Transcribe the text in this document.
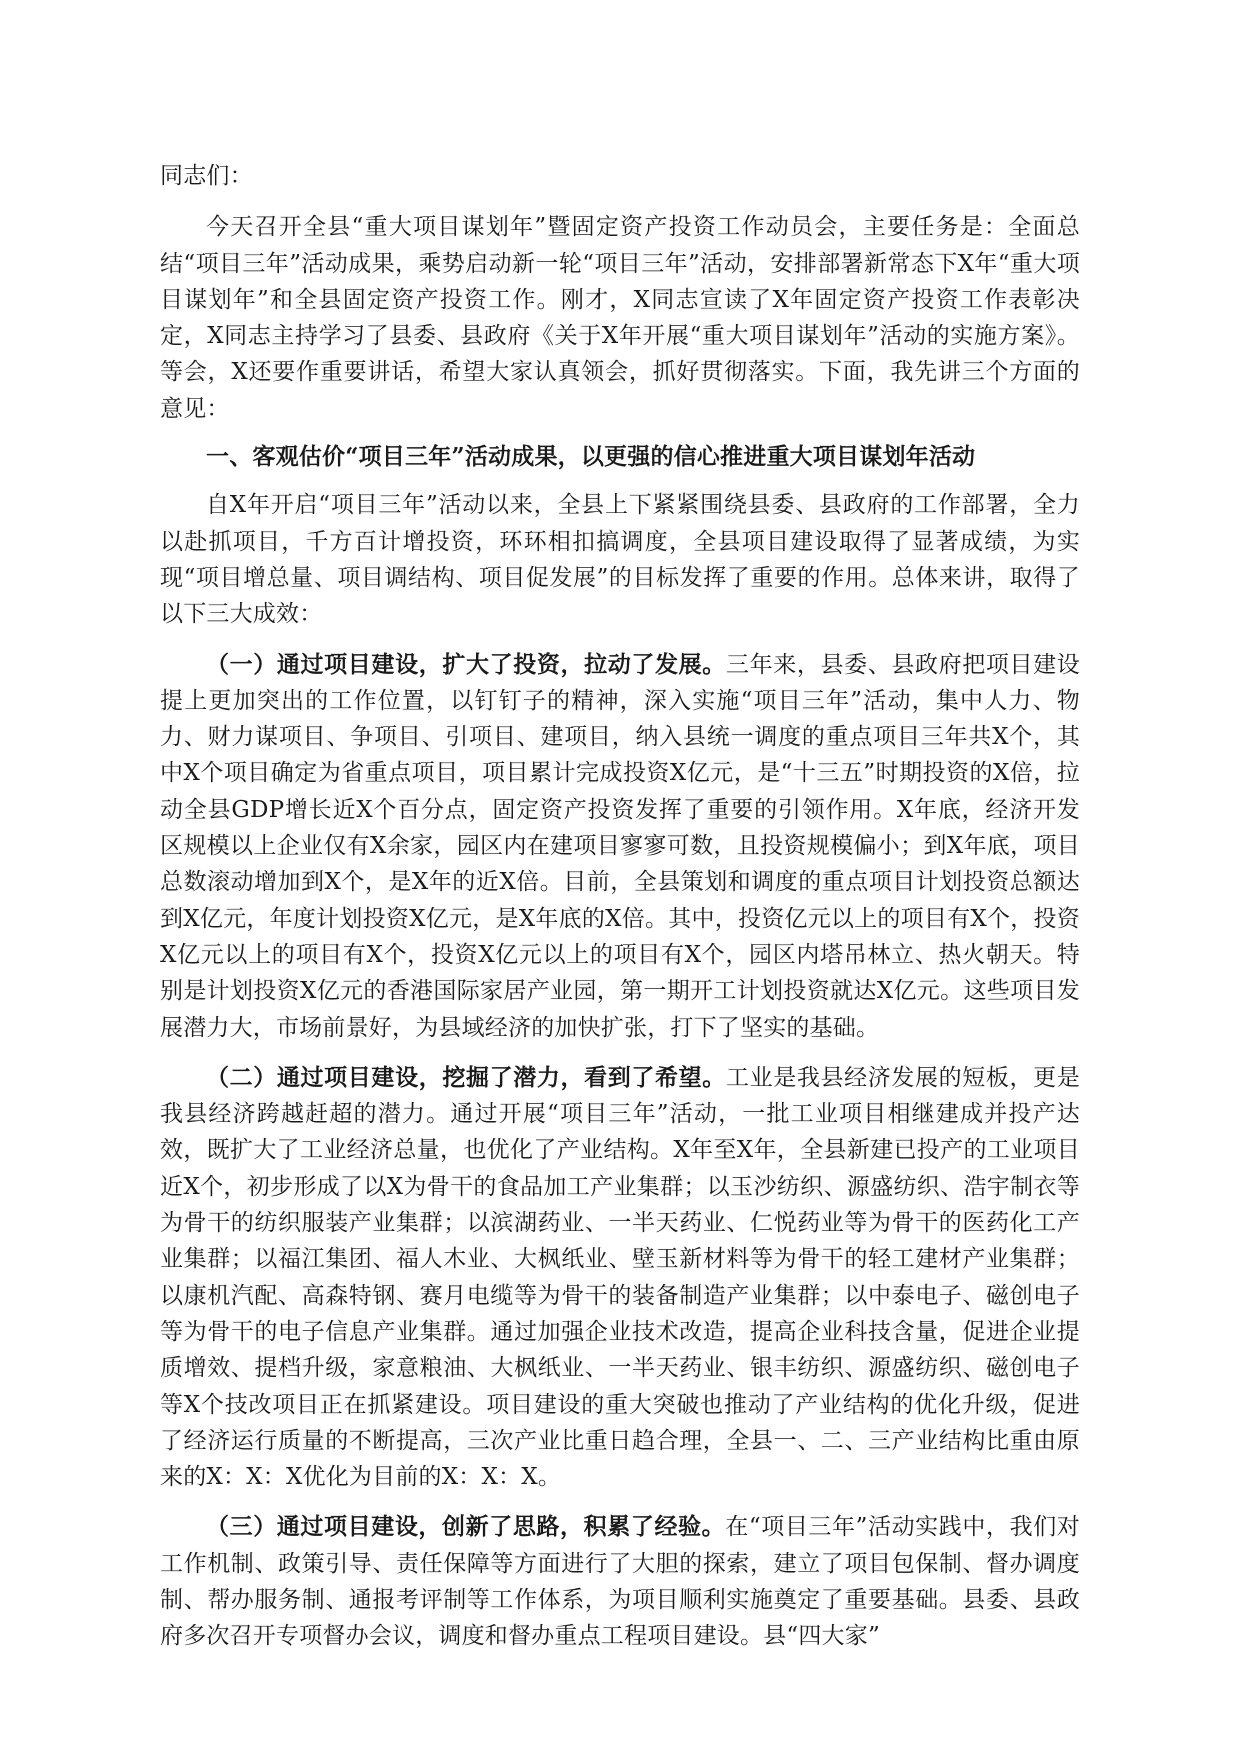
同志们：

今天召开全县“重大项目谋划年”暨固定资产投资工作动员会，主要任务是：全面总结“项目三年”活动成果，乘势启动新一轮“项目三年”活动，安排部署新常态下X年“重大项目谋划年”和全县固定资产投资工作。刚才，X同志宣读了X年固定资产投资工作表彰决定，X同志主持学习了县委、县政府《关于X年开展“重大项目谋划年”活动的实施方案》。等会，X还要作重要讲话，希望大家认真领会，抓好贯彻落实。下面，我先讲三个方面的意见：

一、客观估价“项目三年”活动成果，以更强的信心推进重大项目谋划年活动

自X年开启“项目三年”活动以来，全县上下紧紧围绕县委、县政府的工作部署，全力以赴抓项目，千方百计增投资，环环相扣搞调度，全县项目建设取得了显著成绩，为实现“项目增总量、项目调结构、项目促发展”的目标发挥了重要的作用。总体来讲，取得了以下三大成效：

（一）通过项目建设，扩大了投资，拉动了发展。三年来，县委、县政府把项目建设提上更加突出的工作位置，以钉钉子的精神，深入实施“项目三年”活动，集中人力、物力、财力谋项目、争项目、引项目、建项目，纳入县统一调度的重点项目三年共X个，其中X个项目确定为省重点项目，项目累计完成投资X亿元，是“十三五”时期投资的X倍，拉动全县GDP增长近X个百分点，固定资产投资发挥了重要的引领作用。X年底，经济开发区规模以上企业仅有X余家，园区内在建项目寥寥可数，且投资规模偏小；到X年底，项目总数滚动增加到X个，是X年的近X倍。目前，全县策划和调度的重点项目计划投资总额达到X亿元，年度计划投资X亿元，是X年底的X倍。其中，投资亿元以上的项目有X个，投资X亿元以上的项目有X个，投资X亿元以上的项目有X个，园区内塔吊林立、热火朝天。特别是计划投资X亿元的香港国际家居产业园，第一期开工计划投资就达X亿元。这些项目发展潜力大，市场前景好，为县域经济的加快扩张，打下了坚实的基础。

（二）通过项目建设，挖掘了潜力，看到了希望。工业是我县经济发展的短板，更是我县经济跨越赶超的潜力。通过开展“项目三年”活动，一批工业项目相继建成并投产达效，既扩大了工业经济总量，也优化了产业结构。X年至X年，全县新建已投产的工业项目近X个，初步形成了以X为骨干的食品加工产业集群；以玉沙纺织、源盛纺织、浩宇制衣等为骨干的纺织服装产业集群；以滨湖药业、一半天药业、仁悦药业等为骨干的医药化工产业集群；以福江集团、福人木业、大枫纸业、壁玉新材料等为骨干的轻工建材产业集群；以康机汽配、高森特钢、赛月电缆等为骨干的装备制造产业集群；以中泰电子、磁创电子等为骨干的电子信息产业集群。通过加强企业技术改造，提高企业科技含量，促进企业提质增效、提档升级，家意粮油、大枫纸业、一半天药业、银丰纺织、源盛纺织、磁创电子等X个技改项目正在抓紧建设。项目建设的重大突破也推动了产业结构的优化升级，促进了经济运行质量的不断提高，三次产业比重日趋合理，全县一、二、三产业结构比重由原来的X：X：X优化为目前的X：X：X。

（三）通过项目建设，创新了思路，积累了经验。在“项目三年”活动实践中，我们对工作机制、政策引导、责任保障等方面进行了大胆的探索，建立了项目包保制、督办调度制、帮办服务制、通报考评制等工作体系，为项目顺利实施奠定了重要基础。县委、县政府多次召开专项督办会议，调度和督办重点工程项目建设。县“四大家”
